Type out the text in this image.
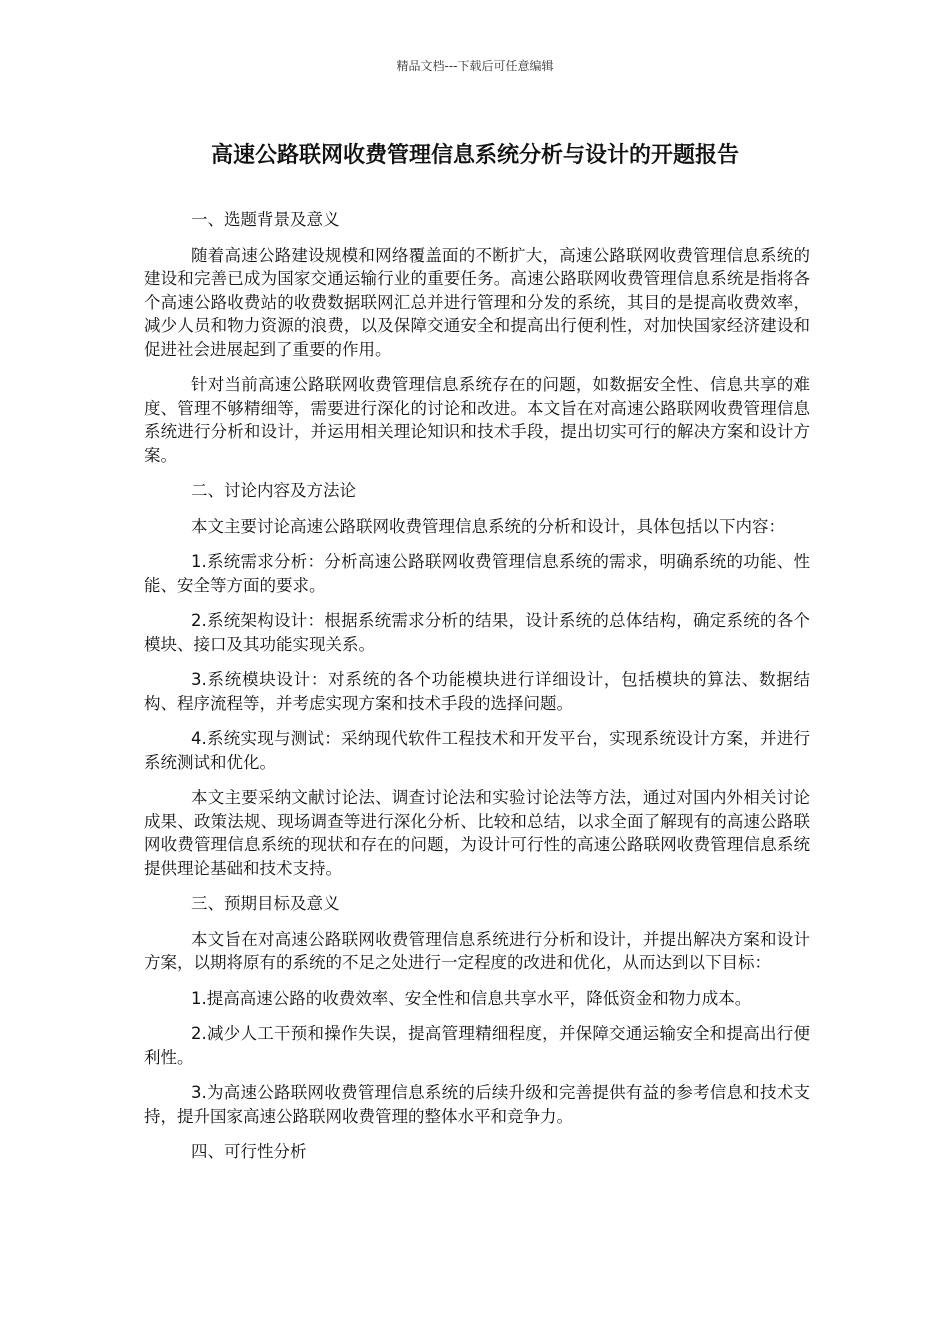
精品文档---下载后可任意编辑
高速公路联网收费管理信息系统分析与设计的开题报告
一、选题背景及意义
随着高速公路建设规模和网络覆盖面的不断扩大，高速公路联网收费管理信息系统的建设和完善已成为国家交通运输行业的重要任务。高速公路联网收费管理信息系统是指将各个高速公路收费站的收费数据联网汇总并进行管理和分发的系统，其目的是提高收费效率，减少人员和物力资源的浪费，以及保障交通安全和提高出行便利性，对加快国家经济建设和促进社会进展起到了重要的作用。
针对当前高速公路联网收费管理信息系统存在的问题，如数据安全性、信息共享的难度、管理不够精细等，需要进行深化的讨论和改进。本文旨在对高速公路联网收费管理信息系统进行分析和设计，并运用相关理论知识和技术手段，提出切实可行的解决方案和设计方案。
二、讨论内容及方法论
本文主要讨论高速公路联网收费管理信息系统的分析和设计，具体包括以下内容：
1.系统需求分析：分析高速公路联网收费管理信息系统的需求，明确系统的功能、性能、安全等方面的要求。
2.系统架构设计：根据系统需求分析的结果，设计系统的总体结构，确定系统的各个模块、接口及其功能实现关系。
3.系统模块设计：对系统的各个功能模块进行详细设计，包括模块的算法、数据结构、程序流程等，并考虑实现方案和技术手段的选择问题。
4.系统实现与测试：采纳现代软件工程技术和开发平台，实现系统设计方案，并进行系统测试和优化。
本文主要采纳文献讨论法、调查讨论法和实验讨论法等方法，通过对国内外相关讨论成果、政策法规、现场调查等进行深化分析、比较和总结，以求全面了解现有的高速公路联网收费管理信息系统的现状和存在的问题，为设计可行性的高速公路联网收费管理信息系统提供理论基础和技术支持。
三、预期目标及意义
本文旨在对高速公路联网收费管理信息系统进行分析和设计，并提出解决方案和设计方案，以期将原有的系统的不足之处进行一定程度的改进和优化，从而达到以下目标：
1.提高高速公路的收费效率、安全性和信息共享水平，降低资金和物力成本。
2.减少人工干预和操作失误，提高管理精细程度，并保障交通运输安全和提高出行便利性。
3.为高速公路联网收费管理信息系统的后续升级和完善提供有益的参考信息和技术支持，提升国家高速公路联网收费管理的整体水平和竞争力。
四、可行性分析
